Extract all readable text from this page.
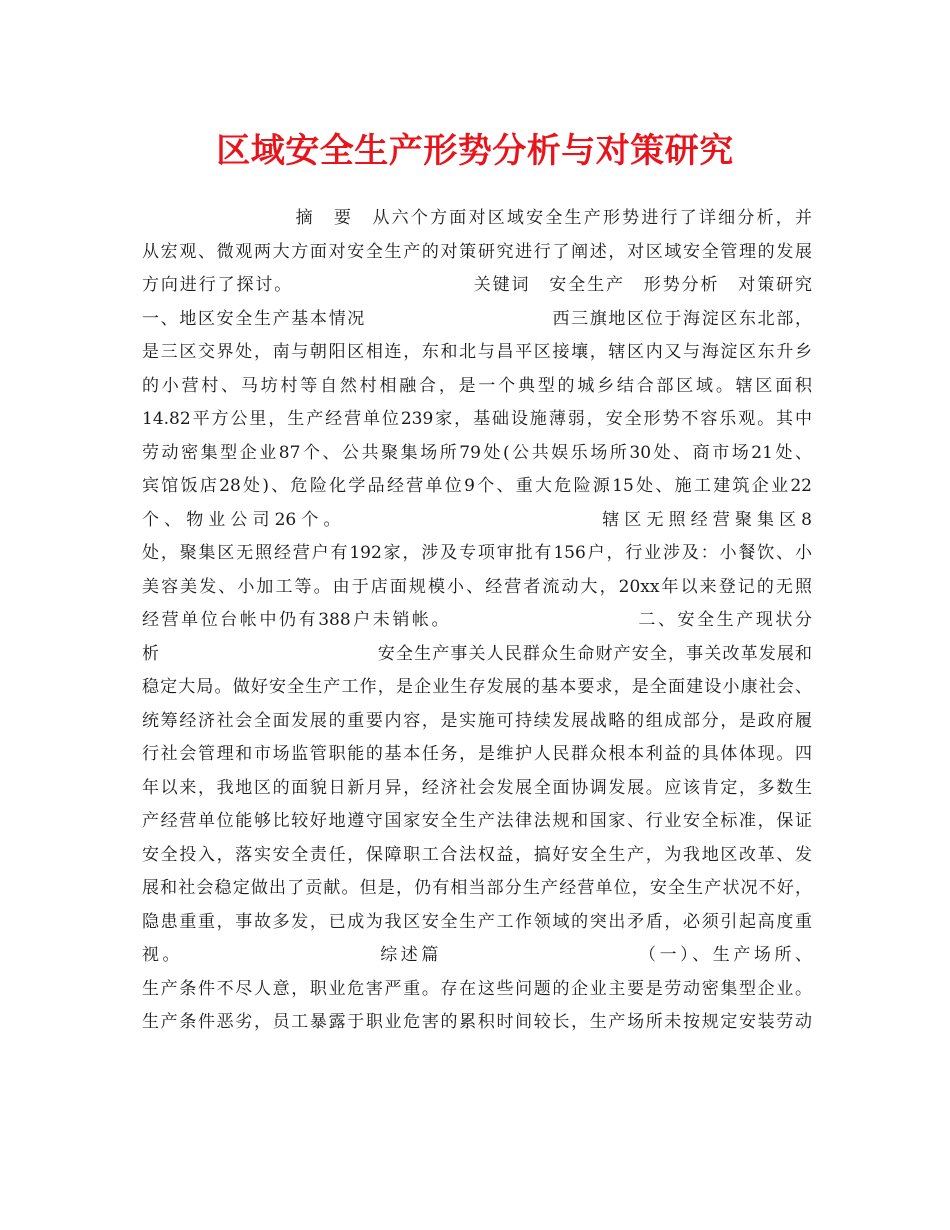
区域安全生产形势分析与对策研究
　　　　　　　　摘　要　从六个方面对区域安全生产形势进行了详细分析，并
从宏观、微观两大方面对安全生产的对策研究进行了阐述，对区域安全管理的发展
方向进行了探讨。　　　　　　　　　　关键词　安全生产　形势分析　对策研究
一、地区安全生产基本情况　　　　　　　　　　西三旗地区位于海淀区东北部，
是三区交界处，南与朝阳区相连，东和北与昌平区接壤，辖区内又与海淀区东升乡
的小营村、马坊村等自然村相融合，是一个典型的城乡结合部区域。辖区面积
14.82平方公里，生产经营单位239家，基础设施薄弱，安全形势不容乐观。其中
劳动密集型企业87个、公共聚集场所79处(公共娱乐场所30处、商市场21处、
宾馆饭店28处)、危险化学品经营单位9个、重大危险源15处、施工建筑企业22
个、物业公司26个。　　　　　　　　　　　　辖区无照经营聚集区8
处，聚集区无照经营户有192家，涉及专项审批有156户，行业涉及：小餐饮、小
美容美发、小加工等。由于店面规模小、经营者流动大，20xx年以来登记的无照
经营单位台帐中仍有388户未销帐。　　　　　　　　　　二、安全生产现状分
析　　　　　　　　　　　　安全生产事关人民群众生命财产安全，事关改革发展和
稳定大局。做好安全生产工作，是企业生存发展的基本要求，是全面建设小康社会、
统筹经济社会全面发展的重要内容，是实施可持续发展战略的组成部分，是政府履
行社会管理和市场监管职能的基本任务，是维护人民群众根本利益的具体体现。四
年以来，我地区的面貌日新月异，经济社会发展全面协调发展。应该肯定，多数生
产经营单位能够比较好地遵守国家安全生产法律法规和国家、行业安全标准，保证
安全投入，落实安全责任，保障职工合法权益，搞好安全生产，为我地区改革、发
展和社会稳定做出了贡献。但是，仍有相当部分生产经营单位，安全生产状况不好，
隐患重重，事故多发，已成为我区安全生产工作领域的突出矛盾，必须引起高度重
视。　　　　　　　　　　综述篇　　　　　　　　　　（一）、生产场所、
生产条件不尽人意，职业危害严重。存在这些问题的企业主要是劳动密集型企业。
生产条件恶劣，员工暴露于职业危害的累积时间较长，生产场所未按规定安装劳动
